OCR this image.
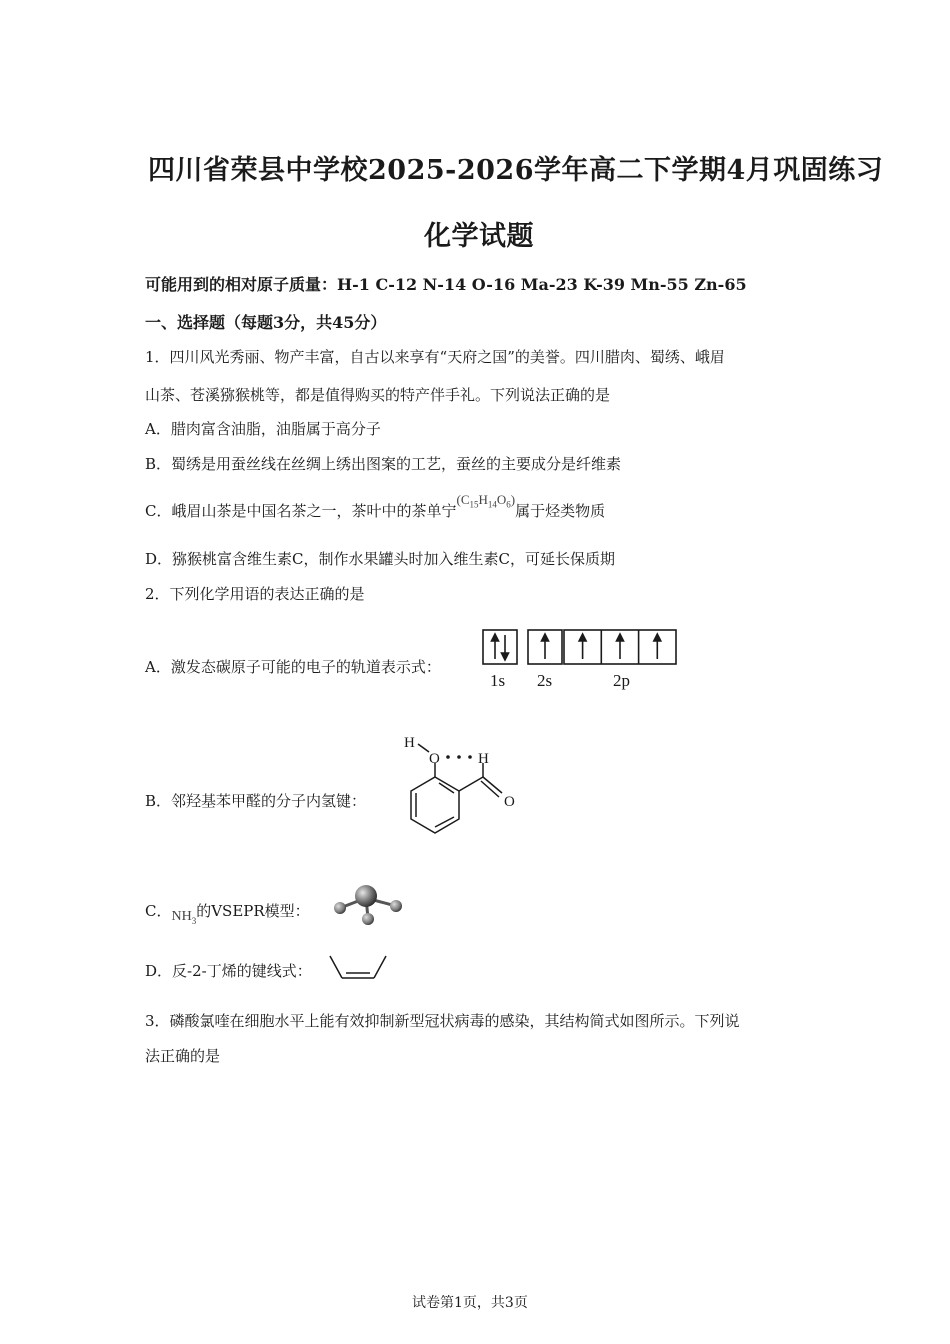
四川省荣县中学校2025-2026学年高二下学期4月巩固练习
化学试题
可能用到的相对原子质量：H-1 C-12 N-14 O-16 Ma-23 K-39 Mn-55 Zn-65
一、选择题（每题3分，共45分）
1．四川风光秀丽、物产丰富，自古以来享有“天府之国”的美誉。四川腊肉、蜀绣、峨眉
山茶、苍溪猕猴桃等，都是值得购买的特产伴手礼。下列说法正确的是
A．腊肉富含油脂，油脂属于高分子
B．蜀绣是用蚕丝线在丝绸上绣出图案的工艺，蚕丝的主要成分是纤维素
C．峨眉山茶是中国名茶之一，茶叶中的茶单宁$(C_{15}H_{14}O_6)$属于烃类物质
D．猕猴桃富含维生素C，制作水果罐头时加入维生素C，可延长保质期
2．下列化学用语的表达正确的是
A．激发态碳原子可能的电子的轨道表示式：
1s 2s	2p
B．邻羟基苯甲醛的分子内氢键：
H
O	H
O
C．$NH_3$的VSEPR模型：
D．反-2-丁烯的键线式：
3．磷酸氯喹在细胞水平上能有效抑制新型冠状病毒的感染，其结构简式如图所示。下列说
法正确的是
试卷第1页，共3页
